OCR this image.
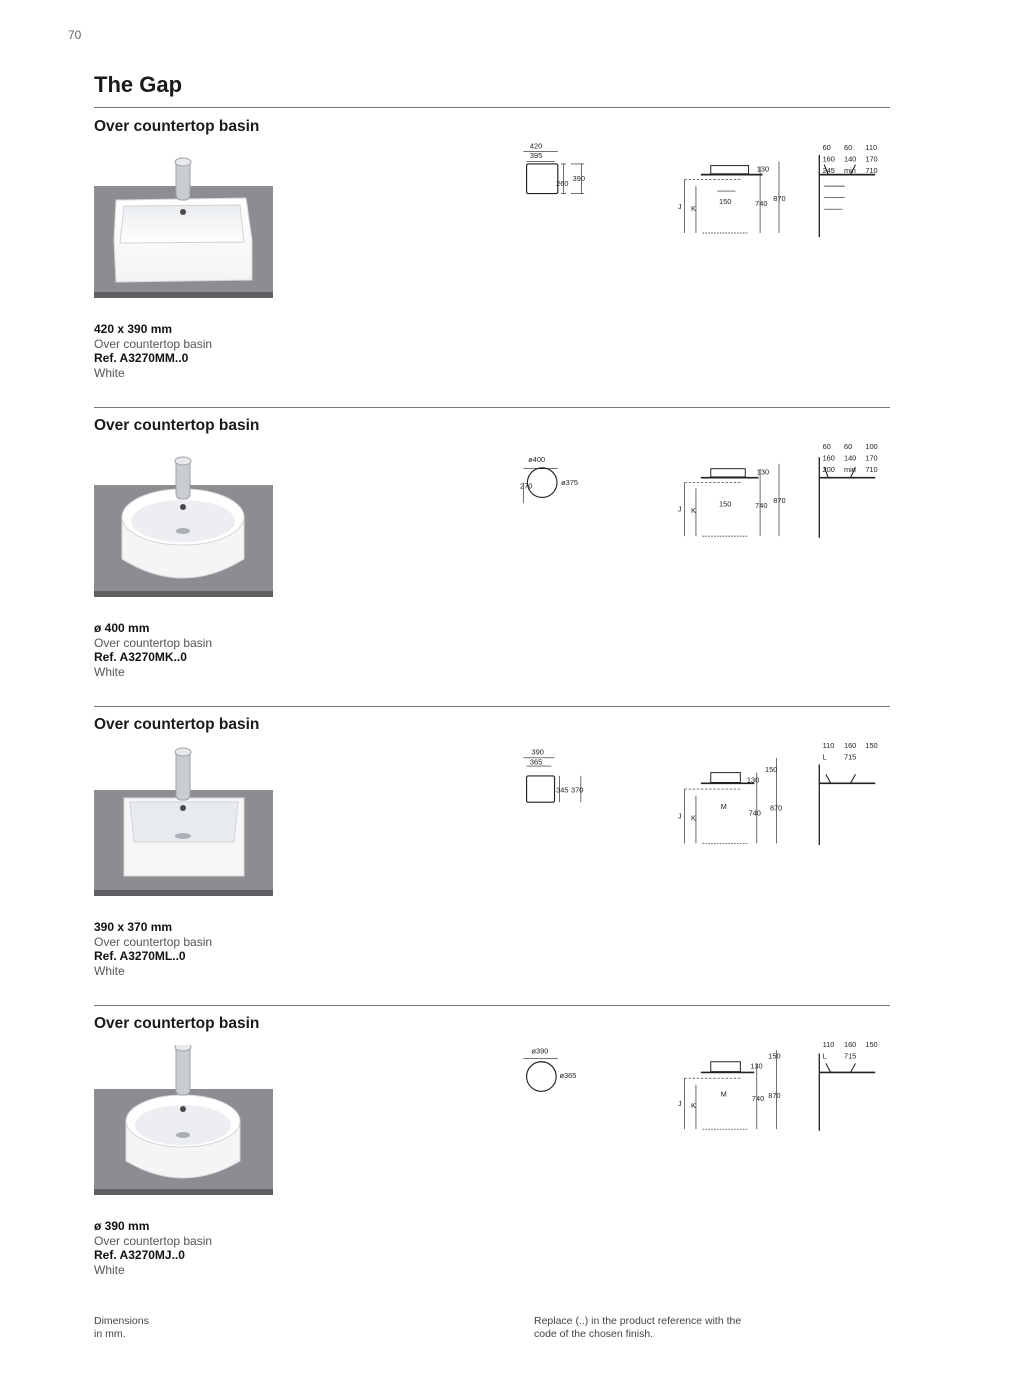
70
The Gap
Over countertop basin
420 x 390 mm
Over countertop basin
Ref. A3270MM..0
White
420
395
260
390
130
150	740
870
J K
60 60 110
160 140 170
245 min 710
Over countertop basin
ø 400 mm
Over countertop basin
Ref. A3270MK..0
White
ø400
270	ø375
130
150	740
870
J K
60 60 100
160 140 170
200 min 710
Over countertop basin
390 x 370 mm
Over countertop basin
Ref. A3270ML..0
White
390
365
345 370
150
130
M
740
870
J K
110 160 150
L 715
Over countertop basin
ø 390 mm
Over countertop basin
Ref. A3270MJ..0
White
ø390
ø365
150
130
M
740 870
J K
110 160 150
L 715
Dimensions
in mm.
Replace (..) in the product reference with the
code of the chosen finish.
